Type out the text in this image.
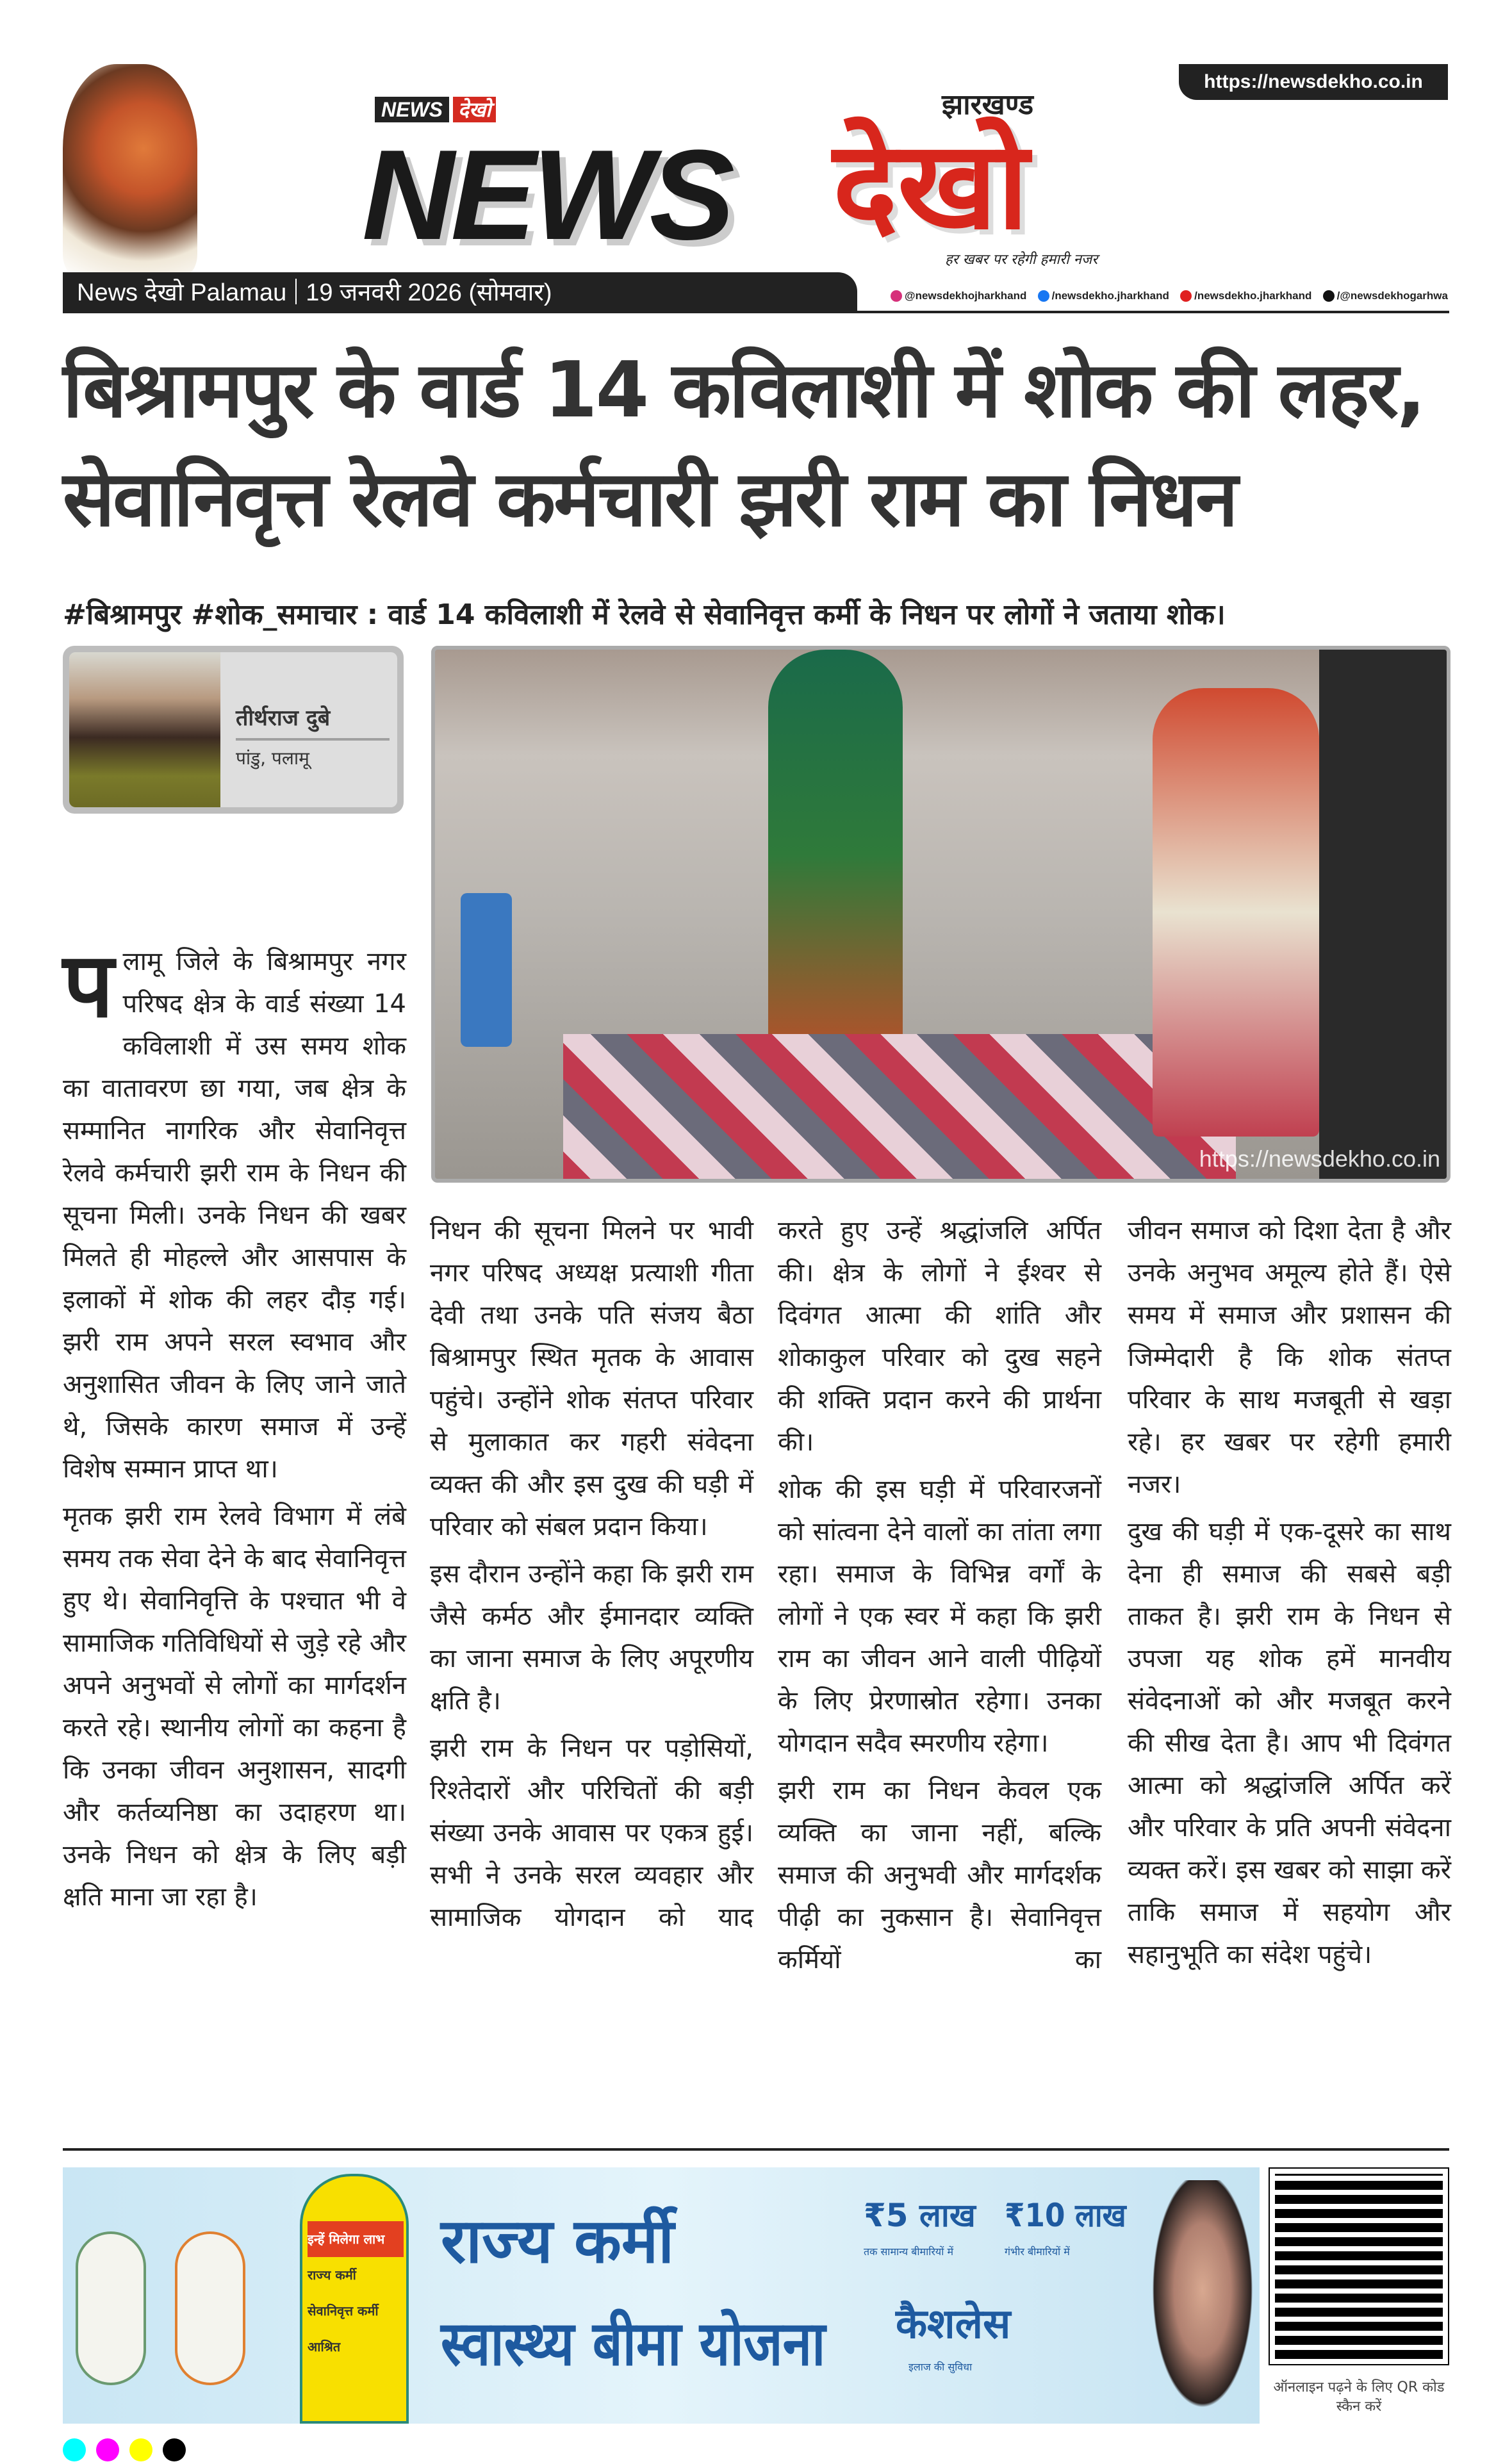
https://newsdekho.co.in
NEWS देखो
NEWS
झारखण्ड
देखो
हर खबर पर रहेगी हमारी नजर
News देखो Palamau 19 जनवरी 2026 (सोमवार)	@newsdekhojharkhand /newsdekho.jharkhand /newsdekho.jharkhand /@newsdekhogarhwa
बिश्रामपुर के वार्ड 14 कविलाशी में शोक की लहर,
सेवानिवृत्त रेलवे कर्मचारी झरी राम का निधन
#बिश्रामपुर #शोक_समाचार : वार्ड 14 कविलाशी में रेलवे से सेवानिवृत्त कर्मी के निधन पर लोगों ने जताया शोक।
तीर्थराज दुबे
पांडु, पलामू
https://newsdekho.co.in

पलामू जिले के बिश्रामपुर नगर परिषद क्षेत्र के वार्ड संख्या 14 कविलाशी में उस समय शोक का वातावरण छा गया, जब क्षेत्र के सम्मानित नागरिक और सेवानिवृत्त रेलवे कर्मचारी झरी राम के निधन की सूचना मिली। उनके निधन की खबर मिलते ही मोहल्ले और आसपास के इलाकों में शोक की लहर दौड़ गई। झरी राम अपने सरल स्वभाव और अनुशासित जीवन के लिए जाने जाते थे, जिसके कारण समाज में उन्हें विशेष सम्मान प्राप्त था।

मृतक झरी राम रेलवे विभाग में लंबे समय तक सेवा देने के बाद सेवानिवृत्त हुए थे। सेवानिवृत्ति के पश्चात भी वे सामाजिक गतिविधियों से जुड़े रहे और अपने अनुभवों से लोगों का मार्गदर्शन करते रहे। स्थानीय लोगों का कहना है कि उनका जीवन अनुशासन, सादगी और कर्तव्यनिष्ठा का उदाहरण था। उनके निधन को क्षेत्र के लिए बड़ी क्षति माना जा रहा है।

निधन की सूचना मिलने पर भावी नगर परिषद अध्यक्ष प्रत्याशी गीता देवी तथा उनके पति संजय बैठा बिश्रामपुर स्थित मृतक के आवास पहुंचे। उन्होंने शोक संतप्त परिवार से मुलाकात कर गहरी संवेदना व्यक्त की और इस दुख की घड़ी में परिवार को संबल प्रदान किया।

इस दौरान उन्होंने कहा कि झरी राम जैसे कर्मठ और ईमानदार व्यक्ति का जाना समाज के लिए अपूरणीय क्षति है।

झरी राम के निधन पर पड़ोसियों, रिश्तेदारों और परिचितों की बड़ी संख्या उनके आवास पर एकत्र हुई। सभी ने उनके सरल व्यवहार और सामाजिक योगदान को याद

करते हुए उन्हें श्रद्धांजलि अर्पित की। क्षेत्र के लोगों ने ईश्वर से दिवंगत आत्मा की शांति और शोकाकुल परिवार को दुख सहने की शक्ति प्रदान करने की प्रार्थना की।

शोक की इस घड़ी में परिवारजनों को सांत्वना देने वालों का तांता लगा रहा। समाज के विभिन्न वर्गों के लोगों ने एक स्वर में कहा कि झरी राम का जीवन आने वाली पीढ़ियों के लिए प्रेरणास्रोत रहेगा। उनका योगदान सदैव स्मरणीय रहेगा।

झरी राम का निधन केवल एक व्यक्ति का जाना नहीं, बल्कि समाज की अनुभवी और मार्गदर्शक पीढ़ी का नुकसान है। सेवानिवृत्त कर्मियों का

जीवन समाज को दिशा देता है और उनके अनुभव अमूल्य होते हैं। ऐसे समय में समाज और प्रशासन की जिम्मेदारी है कि शोक संतप्त परिवार के साथ मजबूती से खड़ा रहे। हर खबर पर रहेगी हमारी नजर।

दुख की घड़ी में एक-दूसरे का साथ देना ही समाज की सबसे बड़ी ताकत है। झरी राम के निधन से उपजा यह शोक हमें मानवीय संवेदनाओं को और मजबूत करने की सीख देता है। आप भी दिवंगत आत्मा को श्रद्धांजलि अर्पित करें और परिवार के प्रति अपनी संवेदना व्यक्त करें। इस खबर को साझा करें ताकि समाज में सहयोग और सहानुभूति का संदेश पहुंचे।

इन्हें मिलेगा लाभ
राज्य कर्मी
सेवानिवृत्त कर्मी
आश्रित
राज्य कर्मी
स्वास्थ्य बीमा योजना
₹5 लाख
तक सामान्य बीमारियों में
₹10 लाख
गंभीर बीमारियों में
कैशलेस
इलाज की सुविधा
ऑनलाइन पढ़ने के लिए QR कोड स्कैन करें
